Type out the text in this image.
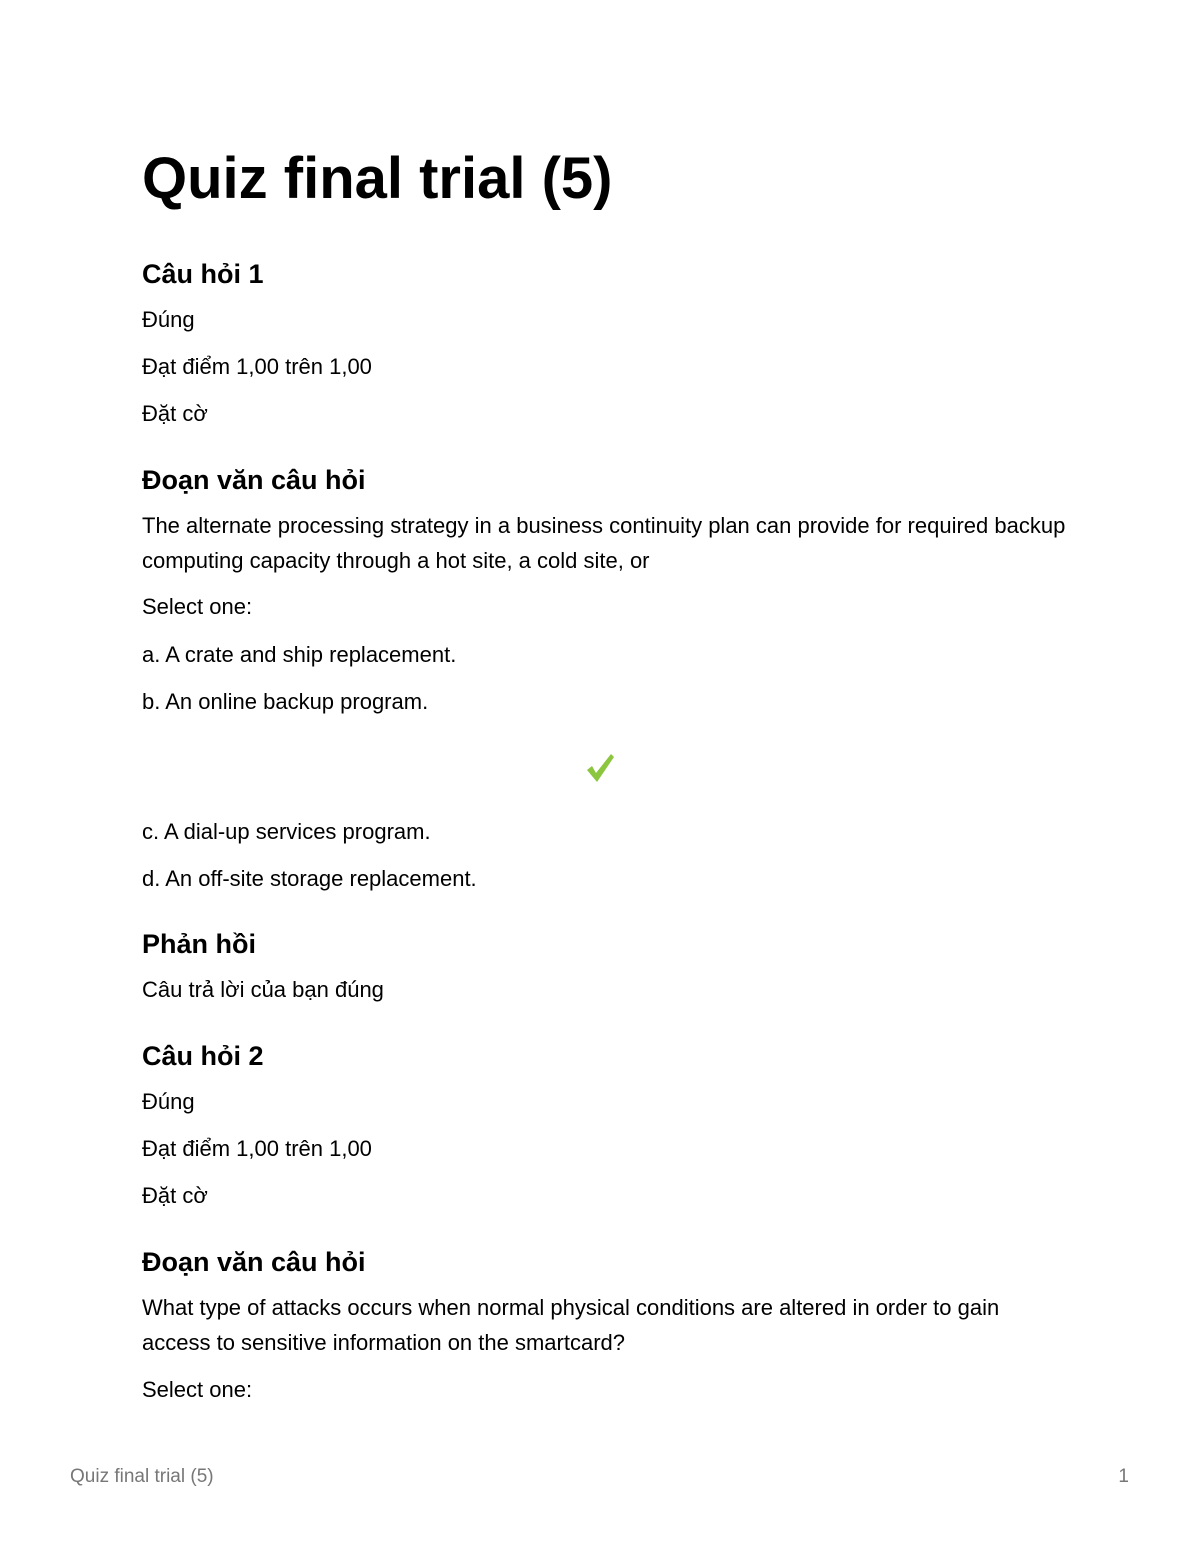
Quiz final trial (5)
Câu hỏi 1
Đúng
Đạt điểm 1,00 trên 1,00
Đặt cờ
Đoạn văn câu hỏi
The alternate processing strategy in a business continuity plan can provide for required backup computing capacity through a hot site, a cold site, or
Select one:
a. A crate and ship replacement.
b. An online backup program.
c. A dial-up services program.
d. An off-site storage replacement.
Phản hồi
Câu trả lời của bạn đúng
Câu hỏi 2
Đúng
Đạt điểm 1,00 trên 1,00
Đặt cờ
Đoạn văn câu hỏi
What type of attacks occurs when normal physical conditions are altered in order to gain access to sensitive information on the smartcard?
Select one:
Quiz final trial (5)	1
